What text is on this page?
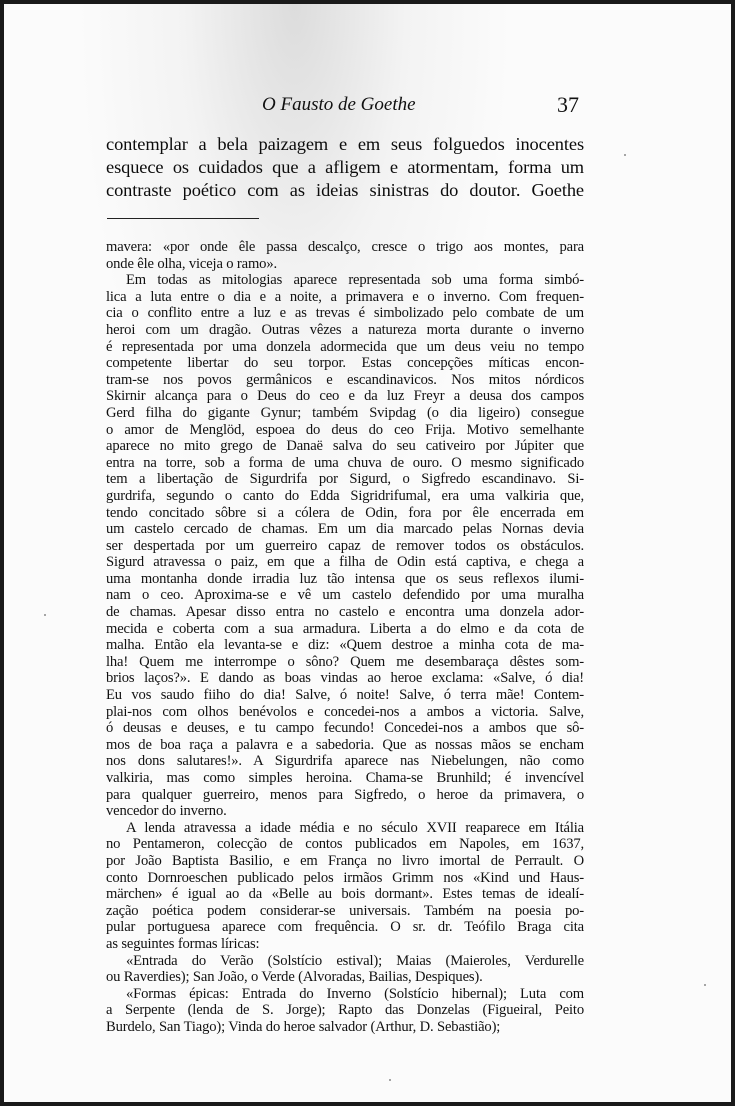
O Fausto de Goethe	37
contemplar a bela paizagem e em seus folguedos inocentes
esquece os cuidados que a afligem e atormentam, forma um
contraste poético com as ideias sinistras do doutor. Goethe

mavera: «por onde êle passa descalço, cresce o trigo aos montes, para
onde êle olha, viceja o ramo».

Em todas as mitologias aparece representada sob uma forma simbó-
lica a luta entre o dia e a noite, a primavera e o inverno. Com frequen-
cia o conflito entre a luz e as trevas é simbolizado pelo combate de um
heroi com um dragão. Outras vêzes a natureza morta durante o inverno
é representada por uma donzela adormecida que um deus veiu no tempo
competente libertar do seu torpor. Estas concepções míticas encon-
tram-se nos povos germânicos e escandinavicos. Nos mitos nórdicos
Skirnir alcança para o Deus do ceo e da luz Freyr a deusa dos campos
Gerd filha do gigante Gynur; também Svipdag (o dia ligeiro) consegue
o amor de Menglöd, espoea do deus do ceo Frija. Motivo semelhante
aparece no mito grego de Danaë salva do seu cativeiro por Júpiter que
entra na torre, sob a forma de uma chuva de ouro. O mesmo significado
tem a libertação de Sigurdrifa por Sigurd, o Sigfredo escandinavo. Si-
gurdrifa, segundo o canto do Edda Sigridrifumal, era uma valkiria que,
tendo concitado sôbre si a cólera de Odin, fora por êle encerrada em
um castelo cercado de chamas. Em um dia marcado pelas Nornas devia
ser despertada por um guerreiro capaz de remover todos os obstáculos.
Sigurd atravessa o paiz, em que a filha de Odin está captiva, e chega a
uma montanha donde irradia luz tão intensa que os seus reflexos ilumi-
nam o ceo. Aproxima-se e vê um castelo defendido por uma muralha
de chamas. Apesar disso entra no castelo e encontra uma donzela ador-
mecida e coberta com a sua armadura. Liberta a do elmo e da cota de
malha. Então ela levanta-se e diz: «Quem destroe a minha cota de ma-
lha! Quem me interrompe o sôno? Quem me desembaraça dêstes som-
brios laços?». E dando as boas vindas ao heroe exclama: «Salve, ó dia!
Eu vos saudo fiiho do dia! Salve, ó noite! Salve, ó terra mãe! Contem-
plai-nos com olhos benévolos e concedei-nos a ambos a victoria. Salve,
ó deusas e deuses, e tu campo fecundo! Concedei-nos a ambos que sô-
mos de boa raça a palavra e a sabedoria. Que as nossas mãos se encham
nos dons salutares!». A Sigurdrifa aparece nas Niebelungen, não como
valkiria, mas como simples heroina. Chama-se Brunhild; é invencível
para qualquer guerreiro, menos para Sigfredo, o heroe da primavera, o
vencedor do inverno.

A lenda atravessa a idade média e no século XVII reaparece em Itália
no Pentameron, colecção de contos publicados em Napoles, em 1637,
por João Baptista Basilio, e em França no livro imortal de Perrault. O
conto Dornroeschen publicado pelos irmãos Grimm nos «Kind und Haus-
märchen» é igual ao da «Belle au bois dormant». Estes temas de idealí-
zação poética podem considerar-se universais. Também na poesia po-
pular portuguesa aparece com frequência. O sr. dr. Teófilo Braga cita
as seguintes formas líricas:

«Entrada do Verão (Solstício estival); Maias (Maieroles, Verdurelle
ou Raverdies); San João, o Verde (Alvoradas, Bailias, Despiques).

«Formas épicas: Entrada do Inverno (Solstício hibernal); Luta com
a Serpente (lenda de S. Jorge); Rapto das Donzelas (Figueiral, Peito
Burdelo, San Tiago); Vinda do heroe salvador (Arthur, D. Sebastião);
